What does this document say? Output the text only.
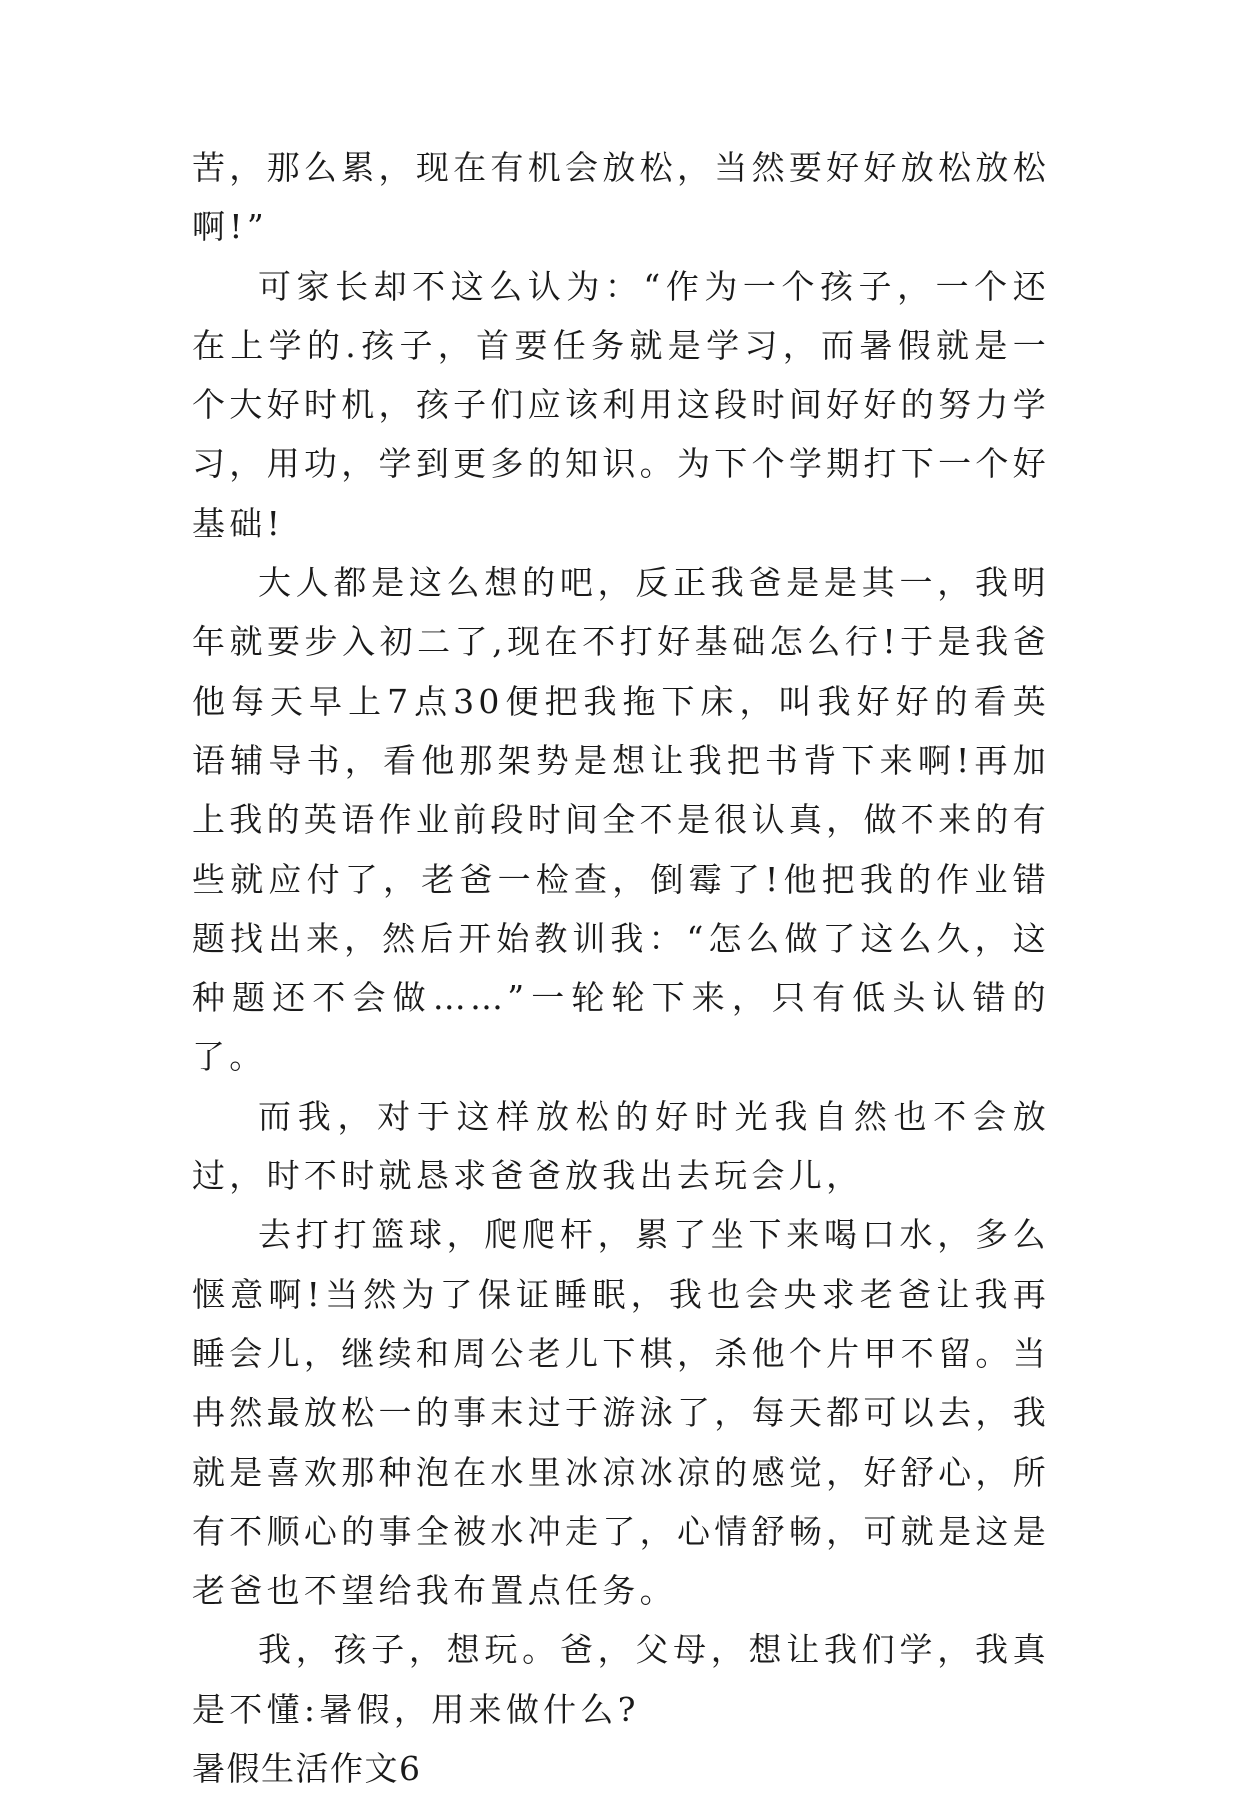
苦，那么累，现在有机会放松，当然要好好放松放松啊!”

可家长却不这么认为：“作为一个孩子，一个还在上学的.孩子，首要任务就是学习，而暑假就是一个大好时机，孩子们应该利用这段时间好好的努力学习，用功，学到更多的知识。为下个学期打下一个好基础!

大人都是这么想的吧，反正我爸是是其一，我明年就要步入初二了,现在不打好基础怎么行!于是我爸他每天早上7点30便把我拖下床，叫我好好的看英语辅导书，看他那架势是想让我把书背下来啊!再加上我的英语作业前段时间全不是很认真，做不来的有些就应付了，老爸一检查，倒霉了!他把我的作业错题找出来，然后开始教训我：“怎么做了这么久，这种题还不会做……”一轮轮下来，只有低头认错的了。

而我，对于这样放松的好时光我自然也不会放过，时不时就恳求爸爸放我出去玩会儿，

去打打篮球，爬爬杆，累了坐下来喝口水，多么惬意啊!当然为了保证睡眠，我也会央求老爸让我再睡会儿，继续和周公老儿下棋，杀他个片甲不留。当冉然最放松一的事末过于游泳了，每天都可以去，我就是喜欢那种泡在水里冰凉冰凉的感觉，好舒心，所有不顺心的事全被水冲走了，心情舒畅，可就是这是老爸也不望给我布置点任务。

我，孩子，想玩。爸，父母，想让我们学，我真是不懂:暑假，用来做什么?

暑假生活作文6
